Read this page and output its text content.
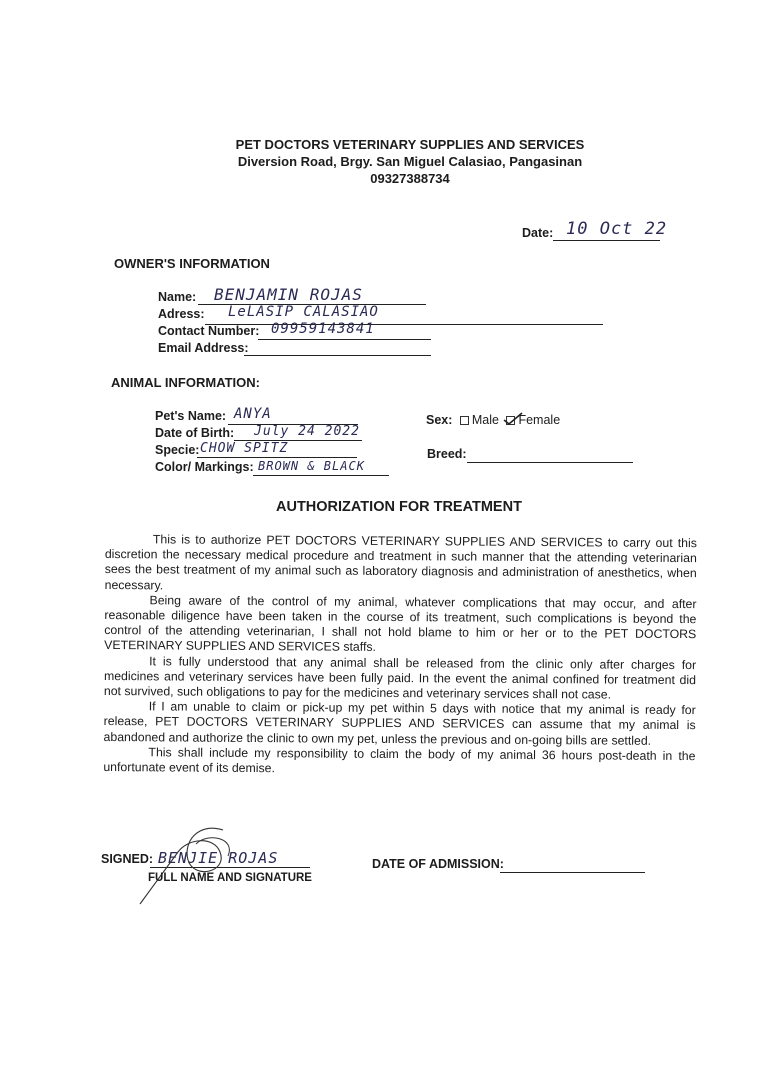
PET DOCTORS VETERINARY SUPPLIES AND SERVICES
Diversion Road, Brgy. San Miguel Calasiao, Pangasinan
09327388734
Date: 10 Oct 22
OWNER'S INFORMATION
Name: BENJAMIN ROJAS
Adress: LeLASIP CALASIAO
Contact Number: 09959143841
Email Address:
ANIMAL INFORMATION:
Pet's Name: ANYA
Date of Birth: July 24 2022
Specie: CHOW SPITZ
Color/ Markings: BROWN & BLACK
Sex: Male Female
Breed:
AUTHORIZATION FOR TREATMENT

This is to authorize PET DOCTORS VETERINARY SUPPLIES AND SERVICES to carry out this discretion the necessary medical procedure and treatment in such manner that the attending veterinarian sees the best treatment of my animal such as laboratory diagnosis and administration of anesthetics, when necessary.

Being aware of the control of my animal, whatever complications that may occur, and after reasonable diligence have been taken in the course of its treatment, such complications is beyond the control of the attending veterinarian, I shall not hold blame to him or her or to the PET DOCTORS VETERINARY SUPPLIES AND SERVICES staffs.

It is fully understood that any animal shall be released from the clinic only after charges for medicines and veterinary services have been fully paid. In the event the animal confined for treatment did not survived, such obligations to pay for the medicines and veterinary services shall not case.

If I am unable to claim or pick-up my pet within 5 days with notice that my animal is ready for release, PET DOCTORS VETERINARY SUPPLIES AND SERVICES can assume that my animal is abandoned and authorize the clinic to own my pet, unless the previous and on-going bills are settled.

This shall include my responsibility to claim the body of my animal 36 hours post-death in the unfortunate event of its demise.

SIGNED: BENJIE ROJAS
FULL NAME AND SIGNATURE
DATE OF ADMISSION:
